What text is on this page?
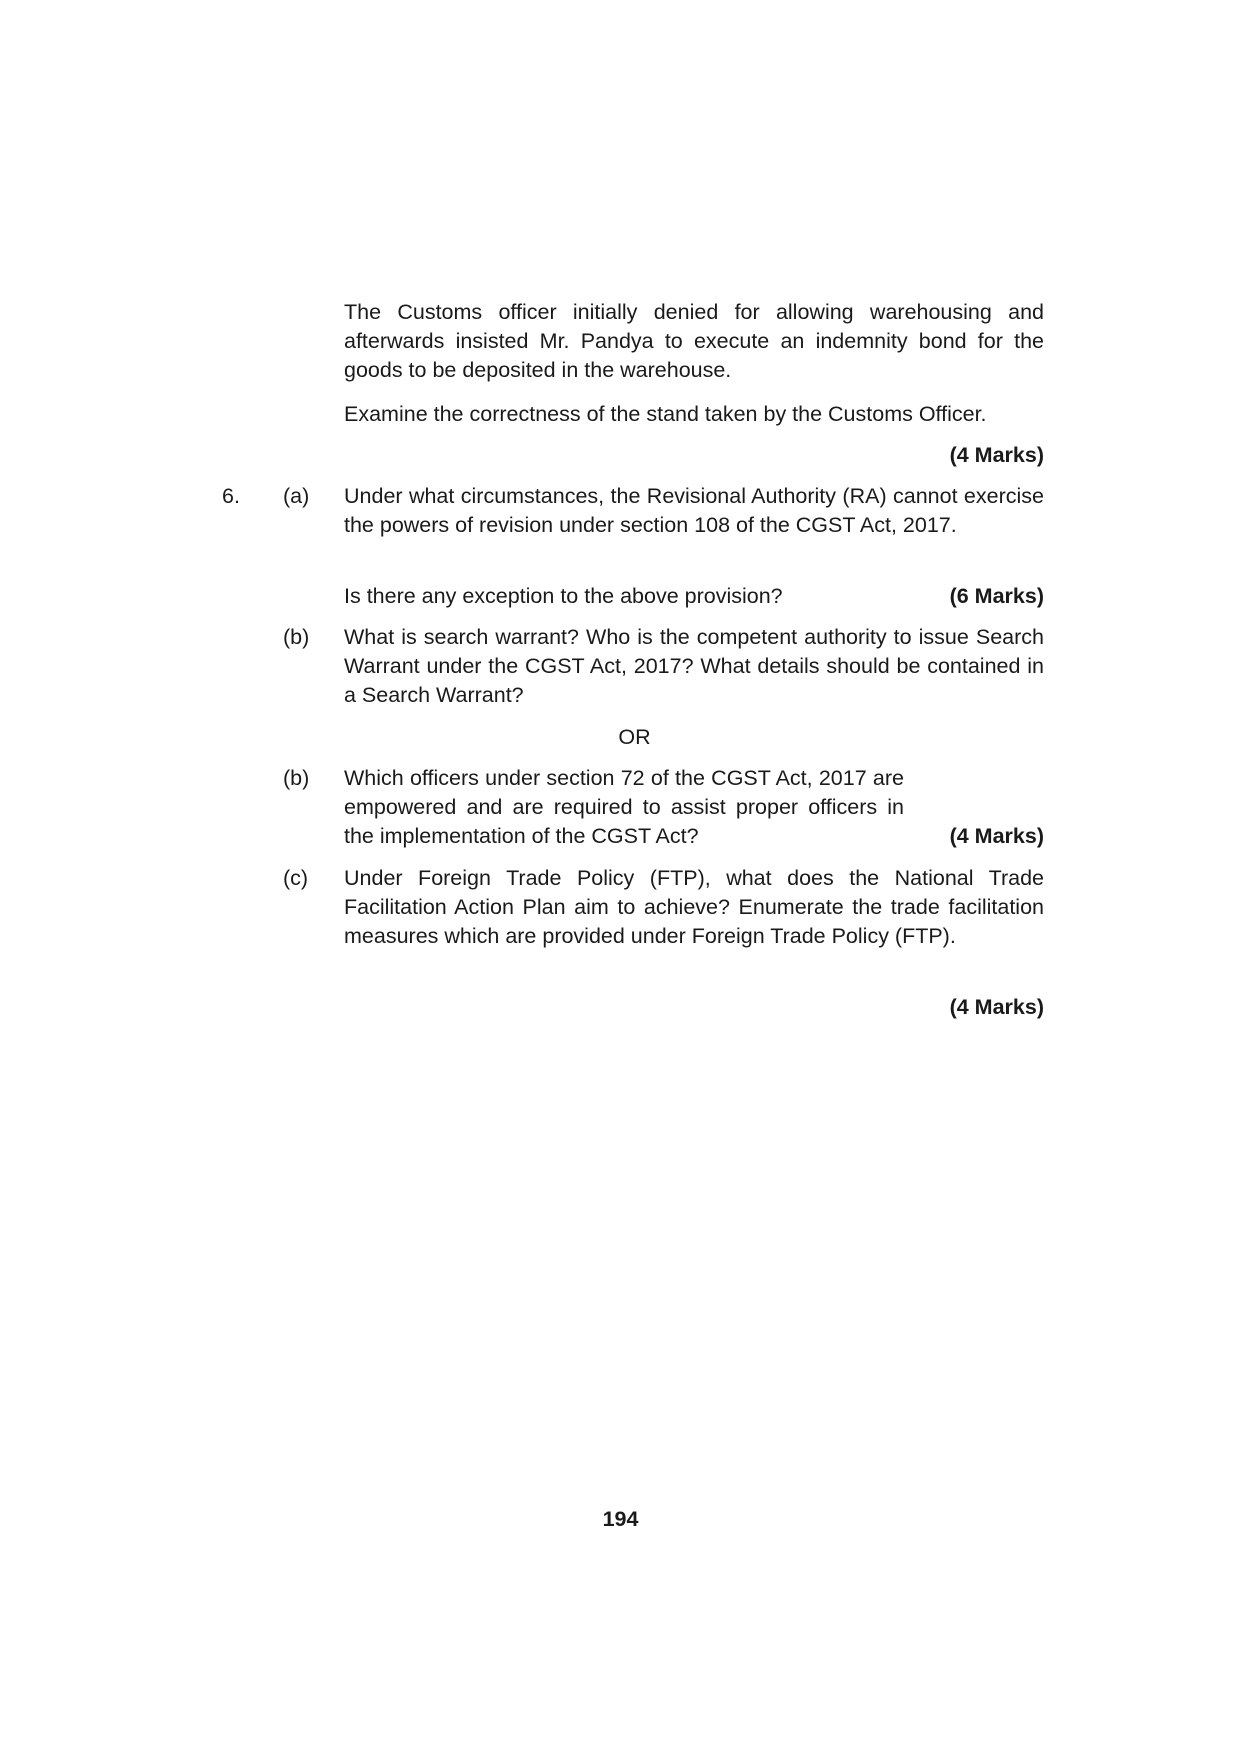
The Customs officer initially denied for allowing warehousing and afterwards insisted Mr. Pandya to execute an indemnity bond for the goods to be deposited in the warehouse.

Examine the correctness of the stand taken by the Customs Officer.

(4 Marks)
6. (a) Under what circumstances, the Revisional Authority (RA) cannot exercise the powers of revision under section 108 of the CGST Act, 2017.

Is there any exception to the above provision?	(6 Marks)
(b) What is search warrant? Who is the competent authority to issue Search Warrant under the CGST Act, 2017? What details should be contained in a Search Warrant?

OR
(b) Which officers under section 72 of the CGST Act, 2017 are empowered and are required to assist proper officers in the implementation of the CGST Act?	(4 Marks)
(c) Under Foreign Trade Policy (FTP), what does the National Trade Facilitation Action Plan aim to achieve? Enumerate the trade facilitation measures which are provided under Foreign Trade Policy (FTP).

(4 Marks)
194
